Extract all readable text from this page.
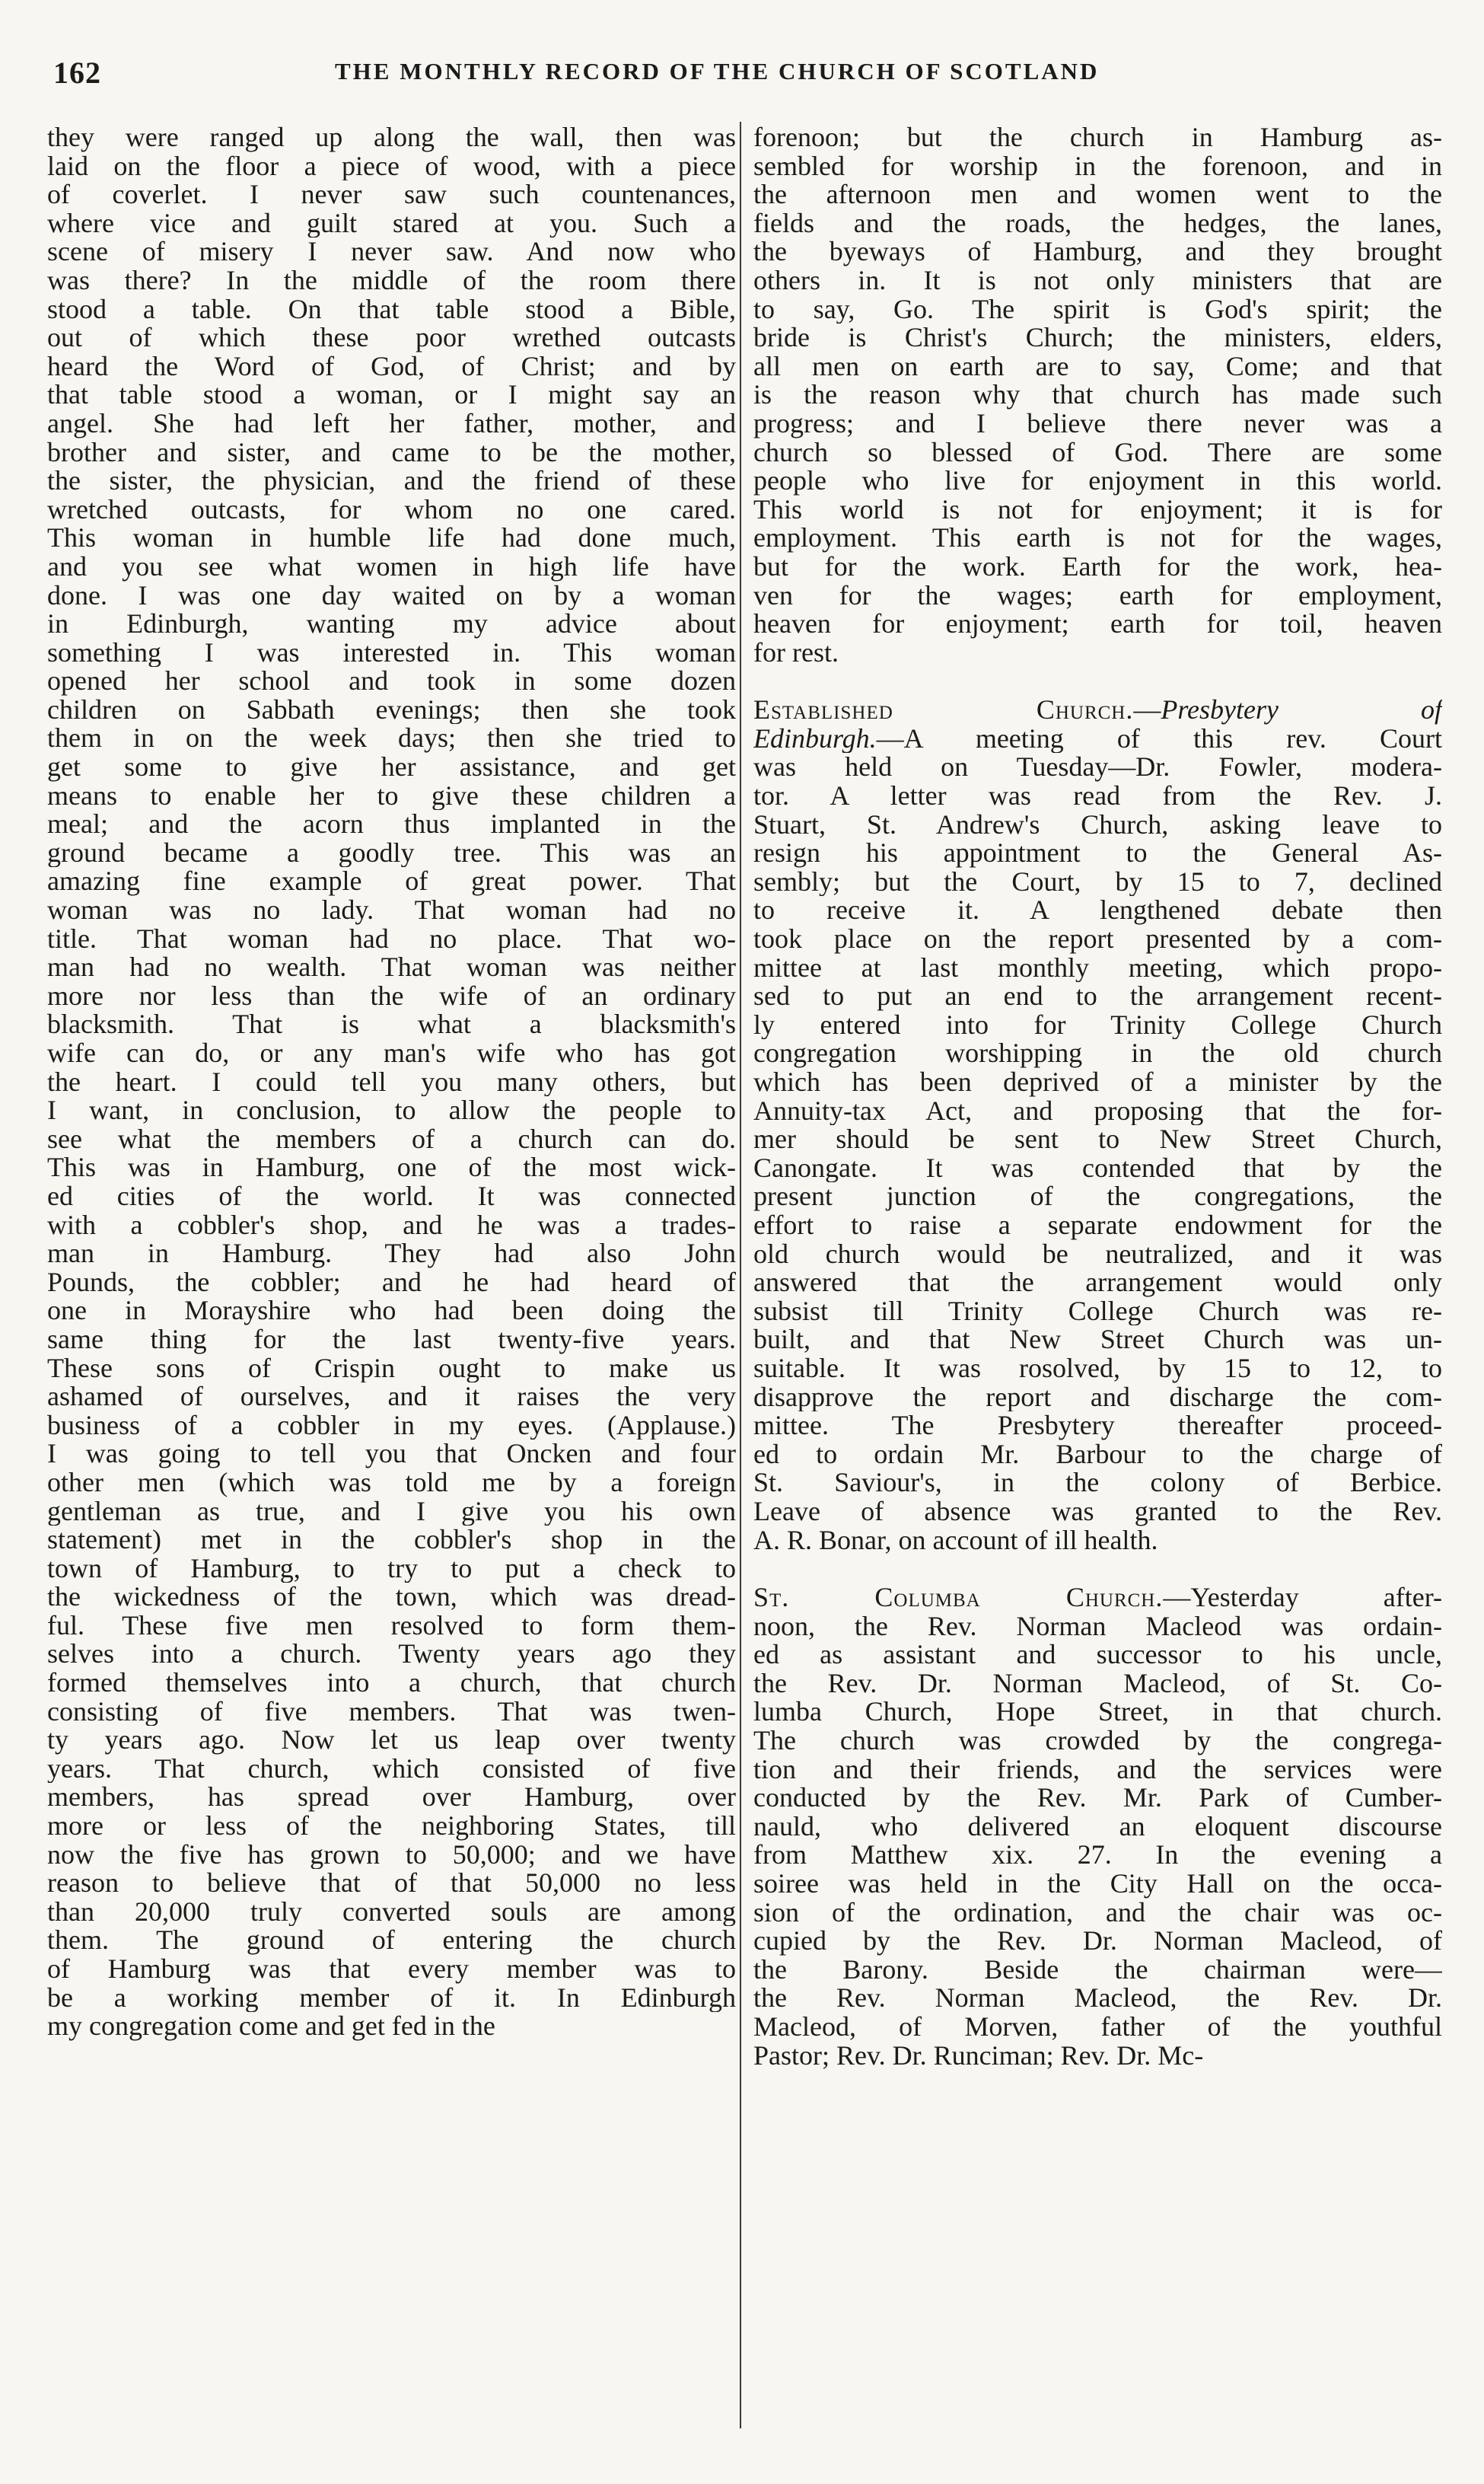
162	THE MONTHLY RECORD OF THE CHURCH OF SCOTLAND
they were ranged up along the wall, then was
laid on the floor a piece of wood, with a piece
of coverlet. I never saw such countenances,
where vice and guilt stared at you. Such a
scene of misery I never saw. And now who
was there? In the middle of the room there
stood a table. On that table stood a Bible,
out of which these poor wrethed outcasts
heard the Word of God, of Christ; and by
that table stood a woman, or I might say an
angel. She had left her father, mother, and
brother and sister, and came to be the mother,
the sister, the physician, and the friend of these
wretched outcasts, for whom no one cared.
This woman in humble life had done much,
and you see what women in high life have
done. I was one day waited on by a woman
in Edinburgh, wanting my advice about
something I was interested in. This woman
opened her school and took in some dozen
children on Sabbath evenings; then she took
them in on the week days; then she tried to
get some to give her assistance, and get
means to enable her to give these children a
meal; and the acorn thus implanted in the
ground became a goodly tree. This was an
amazing fine example of great power. That
woman was no lady. That woman had no
title. That woman had no place. That wo-
man had no wealth. That woman was neither
more nor less than the wife of an ordinary
blacksmith. That is what a blacksmith's
wife can do, or any man's wife who has got
the heart. I could tell you many others, but
I want, in conclusion, to allow the people to
see what the members of a church can do.
This was in Hamburg, one of the most wick-
ed cities of the world. It was connected
with a cobbler's shop, and he was a trades-
man in Hamburg. They had also John
Pounds, the cobbler; and he had heard of
one in Morayshire who had been doing the
same thing for the last twenty-five years.
These sons of Crispin ought to make us
ashamed of ourselves, and it raises the very
business of a cobbler in my eyes. (Applause.)
I was going to tell you that Oncken and four
other men (which was told me by a foreign
gentleman as true, and I give you his own
statement) met in the cobbler's shop in the
town of Hamburg, to try to put a check to
the wickedness of the town, which was dread-
ful. These five men resolved to form them-
selves into a church. Twenty years ago they
formed themselves into a church, that church
consisting of five members. That was twen-
ty years ago. Now let us leap over twenty
years. That church, which consisted of five
members, has spread over Hamburg, over
more or less of the neighboring States, till
now the five has grown to 50,000; and we have
reason to believe that of that 50,000 no less
than 20,000 truly converted souls are among
them. The ground of entering the church
of Hamburg was that every member was to
be a working member of it. In Edinburgh
my congregation come and get fed in the
forenoon; but the church in Hamburg as-
sembled for worship in the forenoon, and in
the afternoon men and women went to the
fields and the roads, the hedges, the lanes,
the byeways of Hamburg, and they brought
others in. It is not only ministers that are
to say, Go. The spirit is God's spirit; the
bride is Christ's Church; the ministers, elders,
all men on earth are to say, Come; and that
is the reason why that church has made such
progress; and I believe there never was a
church so blessed of God. There are some
people who live for enjoyment in this world.
This world is not for enjoyment; it is for
employment. This earth is not for the wages,
but for the work. Earth for the work, hea-
ven for the wages; earth for employment,
heaven for enjoyment; earth for toil, heaven
for rest.
Established Church.—Presbytery of
Edinburgh.—A meeting of this rev. Court
was held on Tuesday—Dr. Fowler, modera-
tor. A letter was read from the Rev. J.
Stuart, St. Andrew's Church, asking leave to
resign his appointment to the General As-
sembly; but the Court, by 15 to 7, declined
to receive it. A lengthened debate then
took place on the report presented by a com-
mittee at last monthly meeting, which propo-
sed to put an end to the arrangement recent-
ly entered into for Trinity College Church
congregation worshipping in the old church
which has been deprived of a minister by the
Annuity-tax Act, and proposing that the for-
mer should be sent to New Street Church,
Canongate. It was contended that by the
present junction of the congregations, the
effort to raise a separate endowment for the
old church would be neutralized, and it was
answered that the arrangement would only
subsist till Trinity College Church was re-
built, and that New Street Church was un-
suitable. It was rosolved, by 15 to 12, to
disapprove the report and discharge the com-
mittee. The Presbytery thereafter proceed-
ed to ordain Mr. Barbour to the charge of
St. Saviour's, in the colony of Berbice.
Leave of absence was granted to the Rev.
A. R. Bonar, on account of ill health.
St. Columba Church.—Yesterday after-
noon, the Rev. Norman Macleod was ordain-
ed as assistant and successor to his uncle,
the Rev. Dr. Norman Macleod, of St. Co-
lumba Church, Hope Street, in that church.
The church was crowded by the congrega-
tion and their friends, and the services were
conducted by the Rev. Mr. Park of Cumber-
nauld, who delivered an eloquent discourse
from Matthew xix. 27. In the evening a
soiree was held in the City Hall on the occa-
sion of the ordination, and the chair was oc-
cupied by the Rev. Dr. Norman Macleod, of
the Barony. Beside the chairman were—
the Rev. Norman Macleod, the Rev. Dr.
Macleod, of Morven, father of the youthful
Pastor; Rev. Dr. Runciman; Rev. Dr. Mc-
